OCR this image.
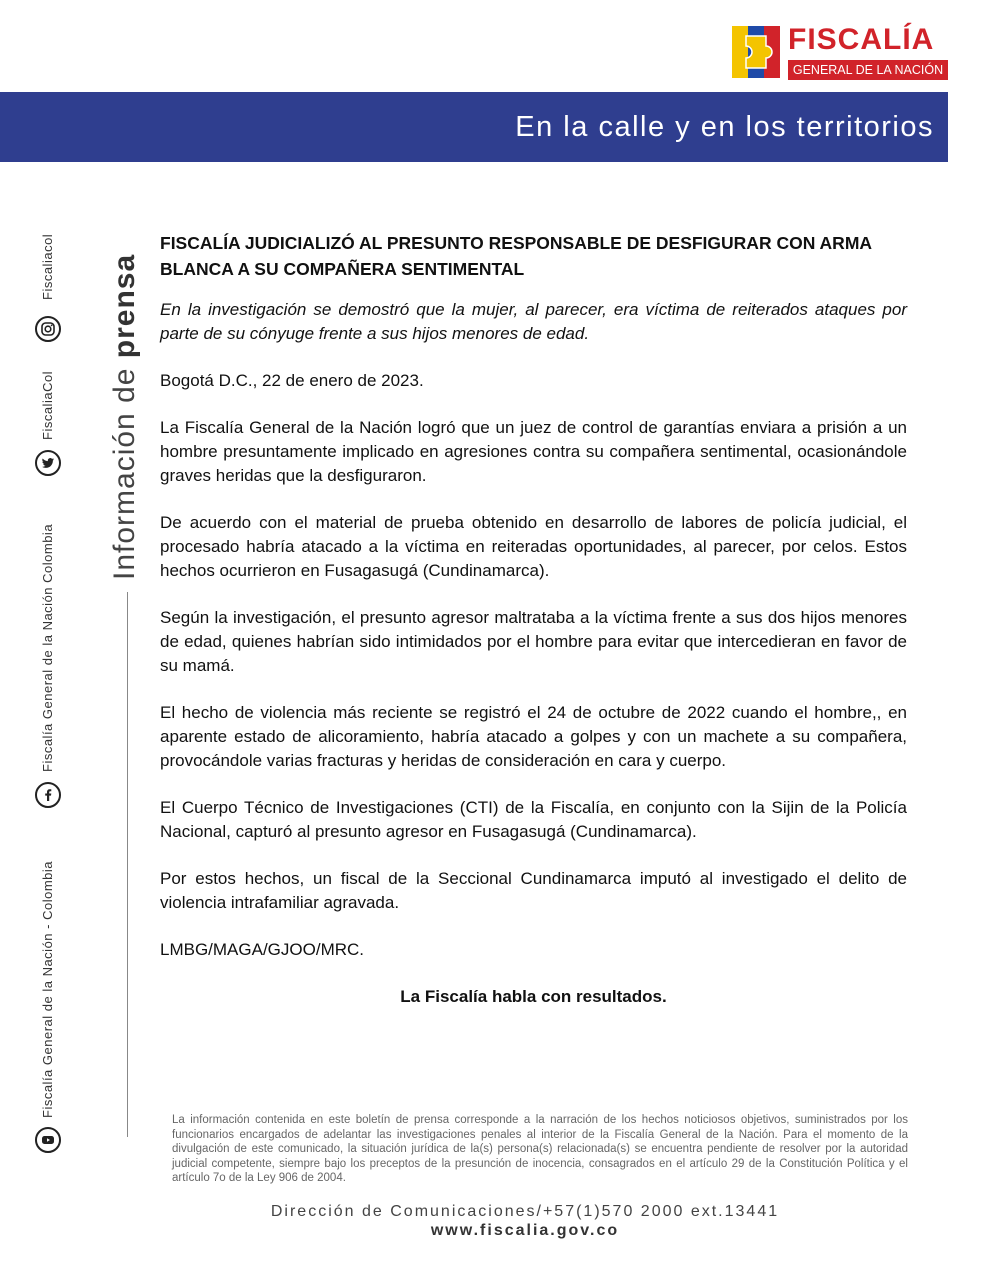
FISCALÍA
GENERAL DE LA NACIÓN
En la calle y en los territorios
Información de prensa
Fiscaliacol
FiscaliaCol
Fiscalía General de la Nación Colombia
Fiscalía General de la Nación - Colombia
FISCALÍA JUDICIALIZÓ AL PRESUNTO RESPONSABLE DE DESFIGURAR CON ARMA BLANCA A SU COMPAÑERA SENTIMENTAL
En la investigación se demostró que la mujer, al parecer, era víctima de reiterados ataques por parte de su cónyuge frente a sus hijos menores de edad.
Bogotá D.C., 22 de enero de 2023.
La Fiscalía General de la Nación logró que un juez de control de garantías enviara a prisión a un hombre presuntamente implicado en agresiones contra su compañera sentimental, ocasionándole graves heridas que la desfiguraron.
De acuerdo con el material de prueba obtenido en desarrollo de labores de policía judicial, el procesado habría atacado a la víctima en reiteradas oportunidades, al parecer, por celos. Estos hechos ocurrieron en Fusagasugá (Cundinamarca).
Según la investigación, el presunto agresor maltrataba a la víctima frente a sus dos hijos menores de edad, quienes habrían sido intimidados por el hombre para evitar que intercedieran en favor de su mamá.
El hecho de violencia más reciente se registró el 24 de octubre de 2022 cuando el hombre,, en aparente estado de alicoramiento, habría atacado a golpes y con un machete a su compañera, provocándole varias fracturas y heridas de consideración en cara y cuerpo.
El Cuerpo Técnico de Investigaciones (CTI) de la Fiscalía, en conjunto con la Sijin de la Policía Nacional, capturó al presunto agresor en Fusagasugá (Cundinamarca).
Por estos hechos, un fiscal de la Seccional Cundinamarca imputó al investigado el delito de violencia intrafamiliar agravada.
LMBG/MAGA/GJOO/MRC.
La Fiscalía habla con resultados.
La información contenida en este boletín de prensa corresponde a la narración de los hechos noticiosos objetivos, suministrados por los funcionarios encargados de adelantar las investigaciones penales al interior de la Fiscalía General de la Nación. Para el momento de la divulgación de este comunicado, la situación jurídica de la(s) persona(s) relacionada(s) se encuentra pendiente de resolver por la autoridad judicial competente, siempre bajo los preceptos de la presunción de inocencia, consagrados en el artículo 29 de la Constitución Política y el artículo 7o de la Ley 906 de 2004.
Dirección de Comunicaciones/+57(1)570 2000 ext.13441
www.fiscalia.gov.co
